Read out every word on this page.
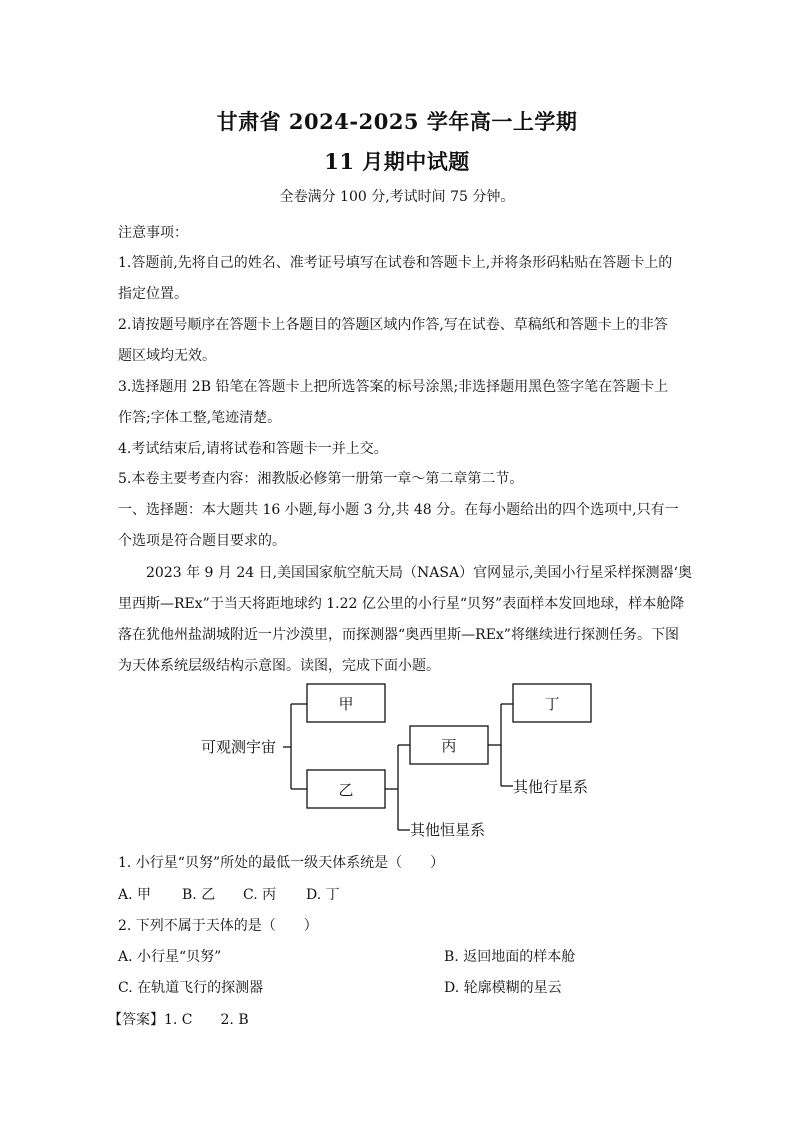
甘肃省 2024-2025 学年高一上学期
11 月期中试题
全卷满分 100 分,考试时间 75 分钟。
注意事项：
1.答题前,先将自己的姓名、准考证号填写在试卷和答题卡上,并将条形码粘贴在答题卡上的
指定位置。
2.请按题号顺序在答题卡上各题目的答题区域内作答,写在试卷、草稿纸和答题卡上的非答
题区域均无效。
3.选择题用 2B 铅笔在答题卡上把所选答案的标号涂黑;非选择题用黑色签字笔在答题卡上
作答;字体工整,笔迹清楚。
4.考试结束后,请将试卷和答题卡一并上交。
5.本卷主要考查内容：湘教版必修第一册第一章～第二章第二节。
一、选择题：本大题共 16 小题,每小题 3 分,共 48 分。在每小题给出的四个选项中,只有一
个选项是符合题目要求的。
2023 年 9 月 24 日,美国国家航空航天局（NASA）官网显示,美国小行星采样探测器‘奥
里西斯—REx”于当天将距地球约 1.22 亿公里的小行星“贝努”表面样本发回地球，样本舱降
落在犹他州盐湖城附近一片沙漠里，而探测器“奥西里斯—REx”将继续进行探测任务。下图
为天体系统层级结构示意图。读图，完成下面小题。
可观测宇宙
甲
乙
丙
丁
其他行星系
其他恒星系
1. 小行星“贝努”所处的最低一级天体系统是（　　）
A. 甲 B. 乙 C. 丙 D. 丁
2. 下列不属于天体的是（　　）
A. 小行星“贝努”	B. 返回地面的样本舱
C. 在轨道飞行的探测器	D. 轮廓模糊的星云
【答案】1. C　　2. B
